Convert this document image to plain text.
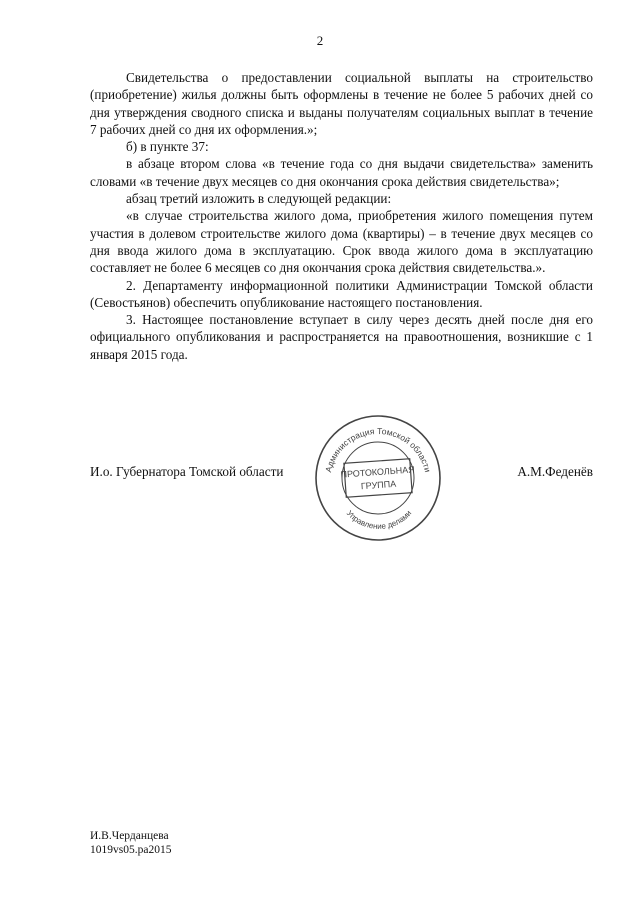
2

Свидетельства о предоставлении социальной выплаты на строительство (приобретение) жилья должны быть оформлены в течение не более 5 рабочих дней со дня утверждения сводного списка и выданы получателям социальных выплат в течение 7 рабочих дней со дня их оформления.»;

б) в пункте 37:

в абзаце втором слова «в течение года со дня выдачи свидетельства» заменить словами «в течение двух месяцев со дня окончания срока действия свидетельства»;

абзац третий изложить в следующей редакции:

«в случае строительства жилого дома, приобретения жилого помещения путем участия в долевом строительстве жилого дома (квартиры) – в течение двух месяцев со дня ввода жилого дома в эксплуатацию. Срок ввода жилого дома в эксплуатацию составляет не более 6 месяцев со дня окончания срока действия свидетельства.».

2. Департаменту информационной политики Администрации Томской области (Севостьянов) обеспечить опубликование настоящего постановления.

3. Настоящее постановление вступает в силу через десять дней после дня его официального опубликования и распространяется на правоотношения, возникшие с 1 января 2015 года.

И.о. Губернатора Томской области	А.М.Феденёв
Администрация Томской области
Управление делами
ПРОТОКОЛЬНАЯ
ГРУППА
И.В.Черданцева
1019vs05.pa2015
